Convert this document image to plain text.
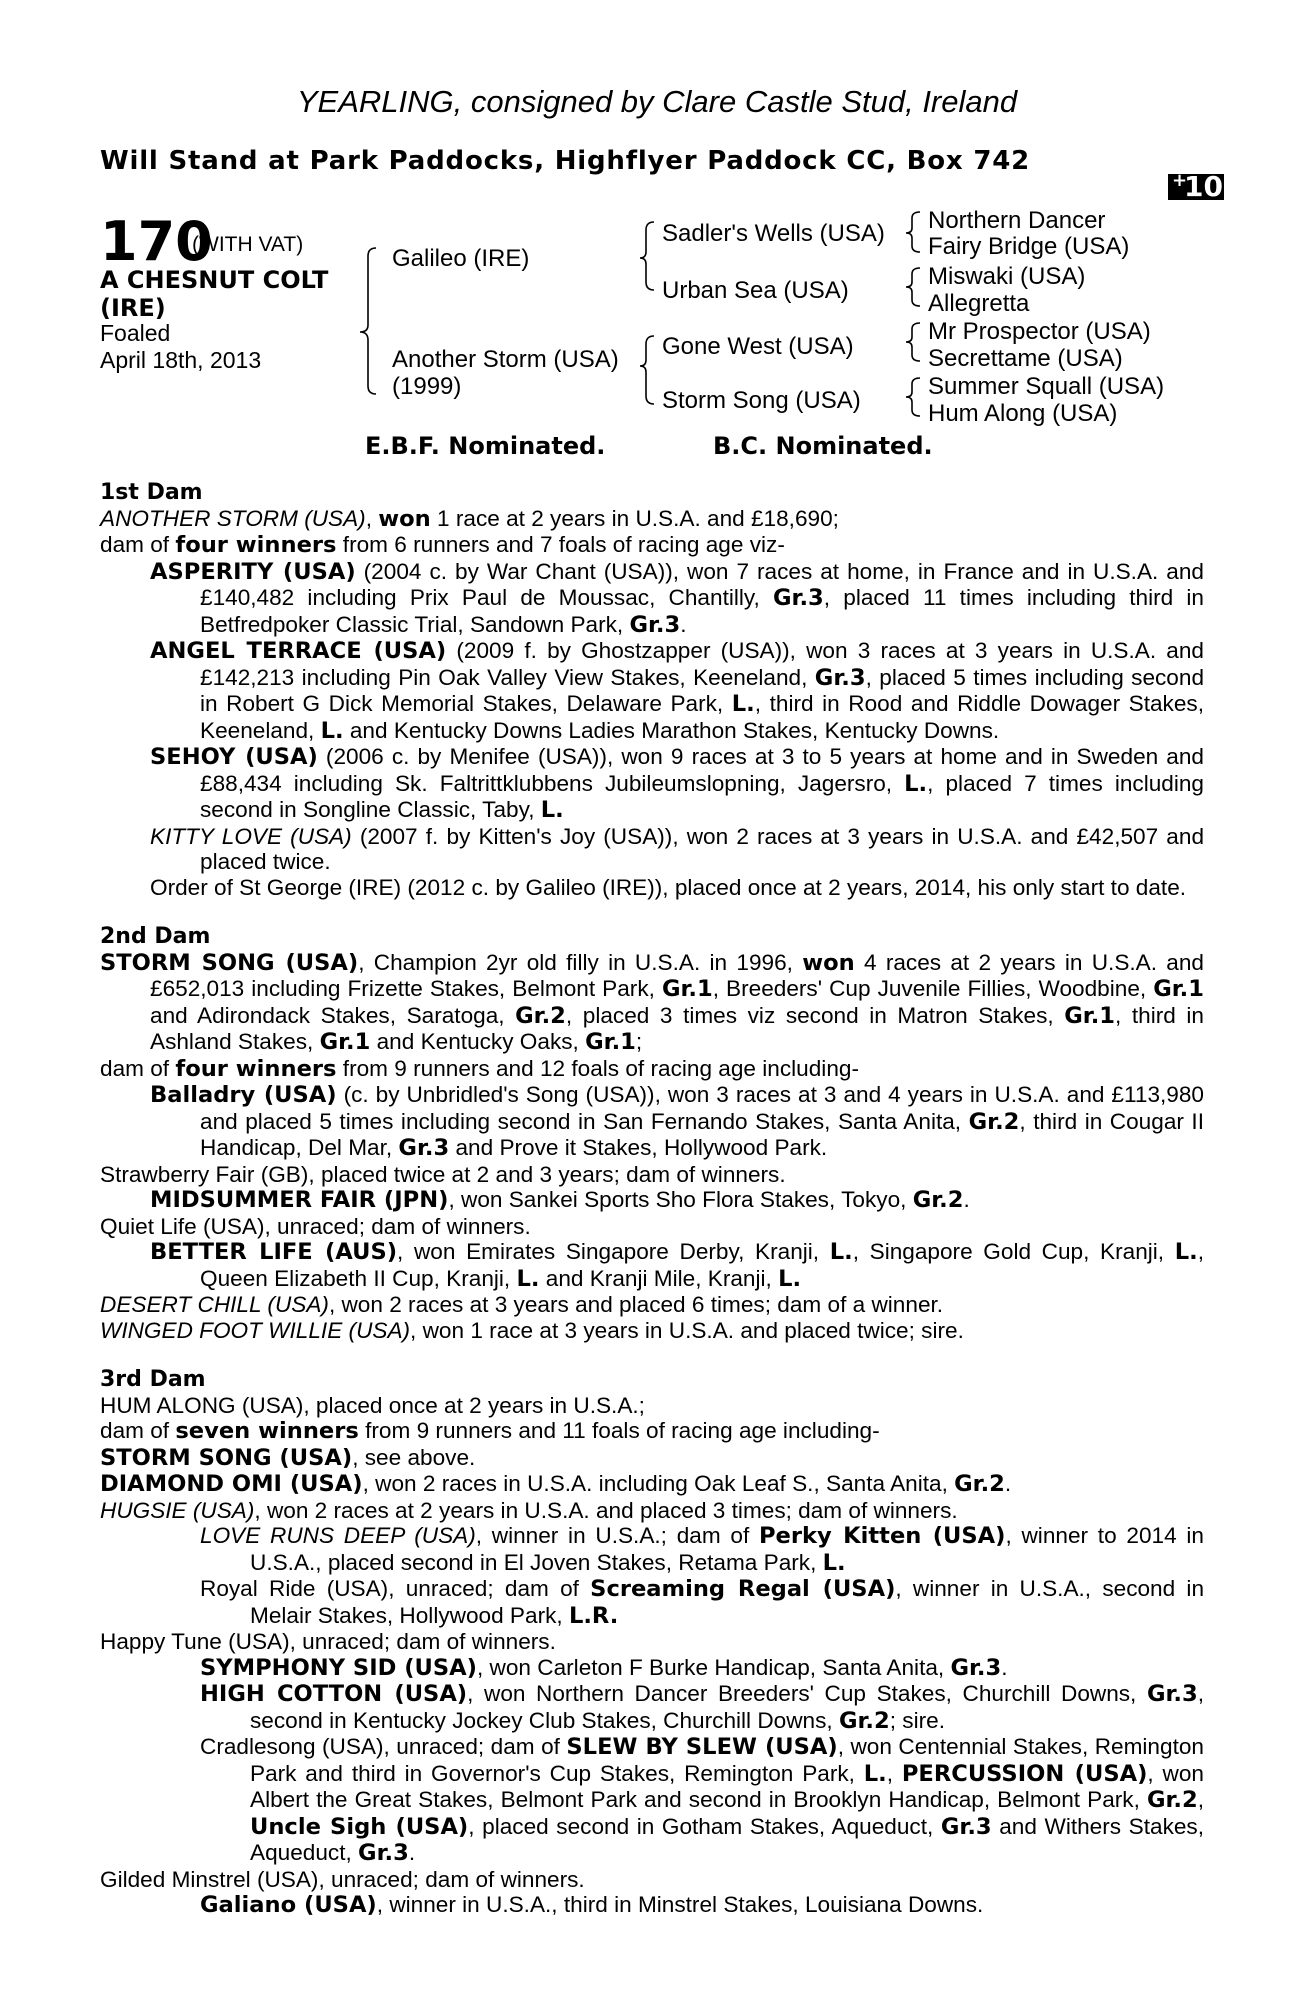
YEARLING, consigned by Clare Castle Stud, Ireland
Will Stand at Park Paddocks, Highflyer Paddock CC, Box 742
+
10
170
(WITH VAT)
A CHESNUT COLT
(IRE)
Foaled
April 18th, 2013
Galileo (IRE)
Another Storm (USA)
(1999)
Sadler's Wells (USA)
Urban Sea (USA)
Gone West (USA)
Storm Song (USA)
Northern Dancer
Fairy Bridge (USA)
Miswaki (USA)
Allegretta
Mr Prospector (USA)
Secrettame (USA)
Summer Squall (USA)
Hum Along (USA)
E.B.F. Nominated.	B.C. Nominated.

1st Dam

ANOTHER STORM (USA), won 1 race at 2 years in U.S.A. and £18,690;

dam of four winners from 6 runners and 7 foals of racing age viz-

ASPERITY (USA) (2004 c. by War Chant (USA)), won 7 races at home, in France and in U.S.A. and £140,482 including Prix Paul de Moussac, Chantilly, Gr.3, placed 11 times including third in Betfredpoker Classic Trial, Sandown Park, Gr.3.

ANGEL TERRACE (USA) (2009 f. by Ghostzapper (USA)), won 3 races at 3 years in U.S.A. and £142,213 including Pin Oak Valley View Stakes, Keeneland, Gr.3, placed 5 times including second in Robert G Dick Memorial Stakes, Delaware Park, L., third in Rood and Riddle Dowager Stakes, Keeneland, L. and Kentucky Downs Ladies Marathon Stakes, Kentucky Downs.

SEHOY (USA) (2006 c. by Menifee (USA)), won 9 races at 3 to 5 years at home and in Sweden and £88,434 including Sk. Faltrittklubbens Jubileumslopning, Jagersro, L., placed 7 times including second in Songline Classic, Taby, L.

KITTY LOVE (USA) (2007 f. by Kitten's Joy (USA)), won 2 races at 3 years in U.S.A. and £42,507 and placed twice.

Order of St George (IRE) (2012 c. by Galileo (IRE)), placed once at 2 years, 2014, his only start to date.

2nd Dam

STORM SONG (USA), Champion 2yr old filly in U.S.A. in 1996, won 4 races at 2 years in U.S.A. and £652,013 including Frizette Stakes, Belmont Park, Gr.1, Breeders' Cup Juvenile Fillies, Woodbine, Gr.1 and Adirondack Stakes, Saratoga, Gr.2, placed 3 times viz second in Matron Stakes, Gr.1, third in Ashland Stakes, Gr.1 and Kentucky Oaks, Gr.1;

dam of four winners from 9 runners and 12 foals of racing age including-

Balladry (USA) (c. by Unbridled's Song (USA)), won 3 races at 3 and 4 years in U.S.A. and £113,980 and placed 5 times including second in San Fernando Stakes, Santa Anita, Gr.2, third in Cougar II Handicap, Del Mar, Gr.3 and Prove it Stakes, Hollywood Park.

Strawberry Fair (GB), placed twice at 2 and 3 years; dam of winners.

MIDSUMMER FAIR (JPN), won Sankei Sports Sho Flora Stakes, Tokyo, Gr.2.

Quiet Life (USA), unraced; dam of winners.

BETTER LIFE (AUS), won Emirates Singapore Derby, Kranji, L., Singapore Gold Cup, Kranji, L., Queen Elizabeth II Cup, Kranji, L. and Kranji Mile, Kranji, L.

DESERT CHILL (USA), won 2 races at 3 years and placed 6 times; dam of a winner.

WINGED FOOT WILLIE (USA), won 1 race at 3 years in U.S.A. and placed twice; sire.

3rd Dam

HUM ALONG (USA), placed once at 2 years in U.S.A.;

dam of seven winners from 9 runners and 11 foals of racing age including-

STORM SONG (USA), see above.

DIAMOND OMI (USA), won 2 races in U.S.A. including Oak Leaf S., Santa Anita, Gr.2.

HUGSIE (USA), won 2 races at 2 years in U.S.A. and placed 3 times; dam of winners.

LOVE RUNS DEEP (USA), winner in U.S.A.; dam of Perky Kitten (USA), winner to 2014 in U.S.A., placed second in El Joven Stakes, Retama Park, L.

Royal Ride (USA), unraced; dam of Screaming Regal (USA), winner in U.S.A., second in Melair Stakes, Hollywood Park, L.R.

Happy Tune (USA), unraced; dam of winners.

SYMPHONY SID (USA), won Carleton F Burke Handicap, Santa Anita, Gr.3.

HIGH COTTON (USA), won Northern Dancer Breeders' Cup Stakes, Churchill Downs, Gr.3, second in Kentucky Jockey Club Stakes, Churchill Downs, Gr.2; sire.

Cradlesong (USA), unraced; dam of SLEW BY SLEW (USA), won Centennial Stakes, Remington Park and third in Governor's Cup Stakes, Remington Park, L., PERCUSSION (USA), won Albert the Great Stakes, Belmont Park and second in Brooklyn Handicap, Belmont Park, Gr.2, Uncle Sigh (USA), placed second in Gotham Stakes, Aqueduct, Gr.3 and Withers Stakes, Aqueduct, Gr.3.

Gilded Minstrel (USA), unraced; dam of winners.

Galiano (USA), winner in U.S.A., third in Minstrel Stakes, Louisiana Downs.
